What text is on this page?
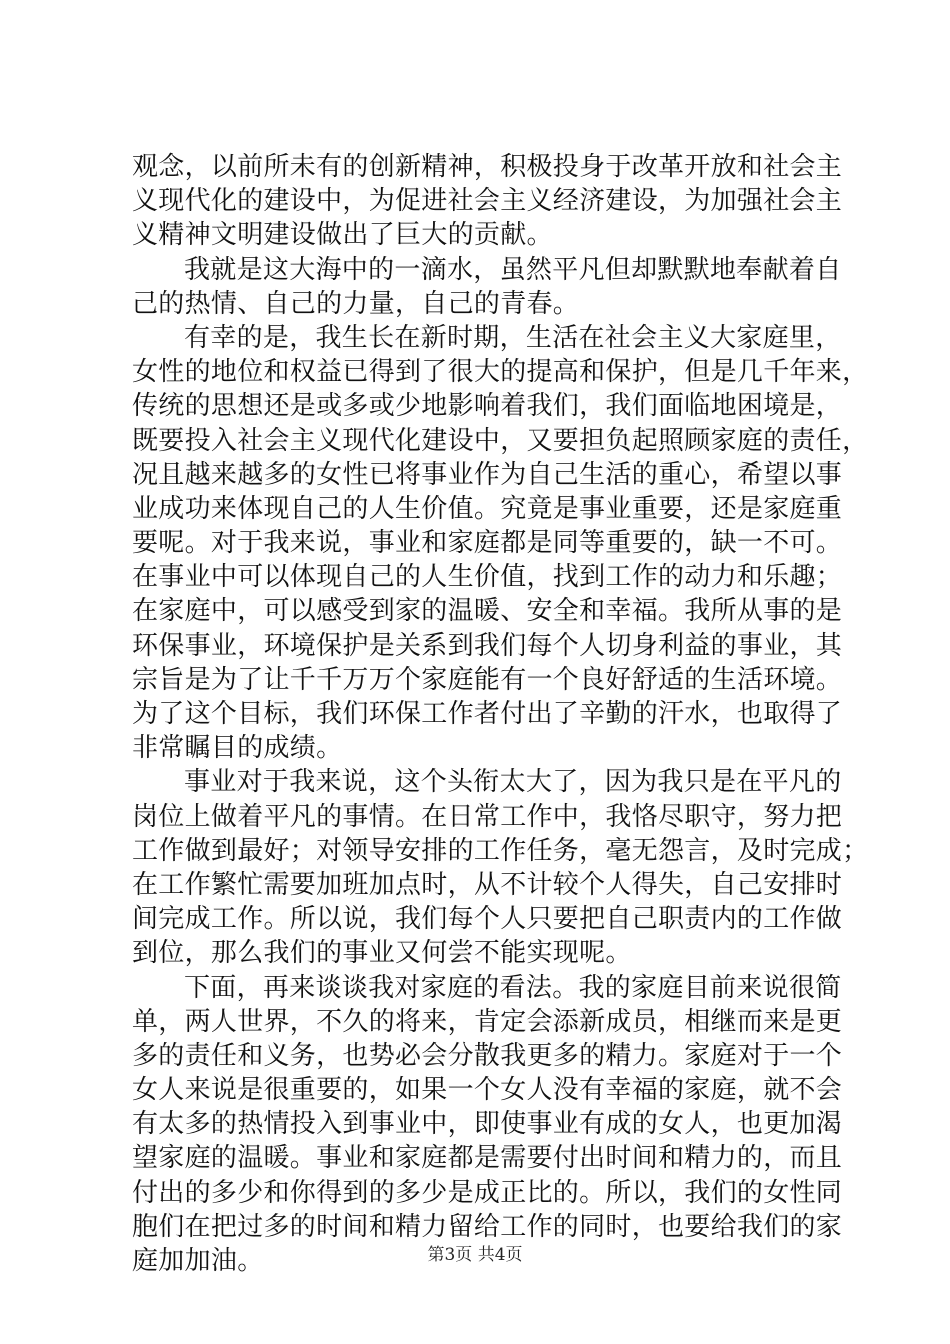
观念，以前所未有的创新精神，积极投身于改革开放和社会主
义现代化的建设中，为促进社会主义经济建设，为加强社会主
义精神文明建设做出了巨大的贡献。
我就是这大海中的一滴水，虽然平凡但却默默地奉献着自
己的热情、自己的力量，自己的青春。
有幸的是，我生长在新时期，生活在社会主义大家庭里，
女性的地位和权益已得到了很大的提高和保护，但是几千年来，
传统的思想还是或多或少地影响着我们，我们面临地困境是，
既要投入社会主义现代化建设中，又要担负起照顾家庭的责任，
况且越来越多的女性已将事业作为自己生活的重心，希望以事
业成功来体现自己的人生价值。究竟是事业重要，还是家庭重
要呢。对于我来说，事业和家庭都是同等重要的，缺一不可。
在事业中可以体现自己的人生价值，找到工作的动力和乐趣；
在家庭中，可以感受到家的温暖、安全和幸福。我所从事的是
环保事业，环境保护是关系到我们每个人切身利益的事业，其
宗旨是为了让千千万万个家庭能有一个良好舒适的生活环境。
为了这个目标，我们环保工作者付出了辛勤的汗水，也取得了
非常瞩目的成绩。
事业对于我来说，这个头衔太大了，因为我只是在平凡的
岗位上做着平凡的事情。在日常工作中，我恪尽职守，努力把
工作做到最好；对领导安排的工作任务，毫无怨言，及时完成；
在工作繁忙需要加班加点时，从不计较个人得失，自己安排时
间完成工作。所以说，我们每个人只要把自己职责内的工作做
到位，那么我们的事业又何尝不能实现呢。
下面，再来谈谈我对家庭的看法。我的家庭目前来说很简
单，两人世界，不久的将来，肯定会添新成员，相继而来是更
多的责任和义务，也势必会分散我更多的精力。家庭对于一个
女人来说是很重要的，如果一个女人没有幸福的家庭，就不会
有太多的热情投入到事业中，即使事业有成的女人，也更加渴
望家庭的温暖。事业和家庭都是需要付出时间和精力的，而且
付出的多少和你得到的多少是成正比的。所以，我们的女性同
胞们在把过多的时间和精力留给工作的同时，也要给我们的家
庭加加油。	第3页 共4页
